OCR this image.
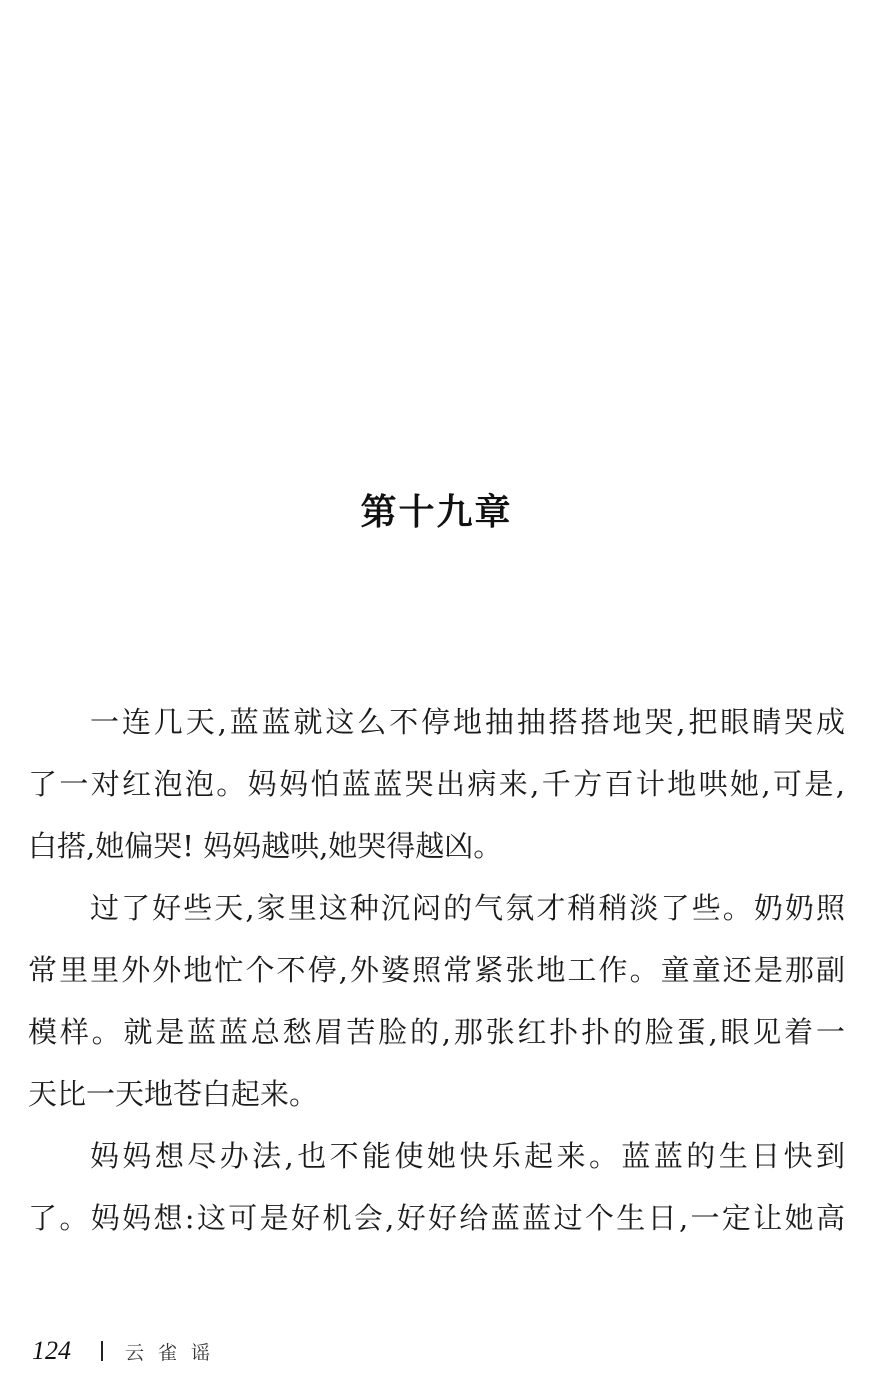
第十九章
一连几天,蓝蓝就这么不停地抽抽搭搭地哭,把眼睛哭成
了一对红泡泡。妈妈怕蓝蓝哭出病来,千方百计地哄她,可是,
白搭,她偏哭! 妈妈越哄,她哭得越凶。
过了好些天,家里这种沉闷的气氛才稍稍淡了些。奶奶照
常里里外外地忙个不停,外婆照常紧张地工作。童童还是那副
模样。就是蓝蓝总愁眉苦脸的,那张红扑扑的脸蛋,眼见着一
天比一天地苍白起来。
妈妈想尽办法,也不能使她快乐起来。蓝蓝的生日快到
了。妈妈想:这可是好机会,好好给蓝蓝过个生日,一定让她高
124	云雀谣
